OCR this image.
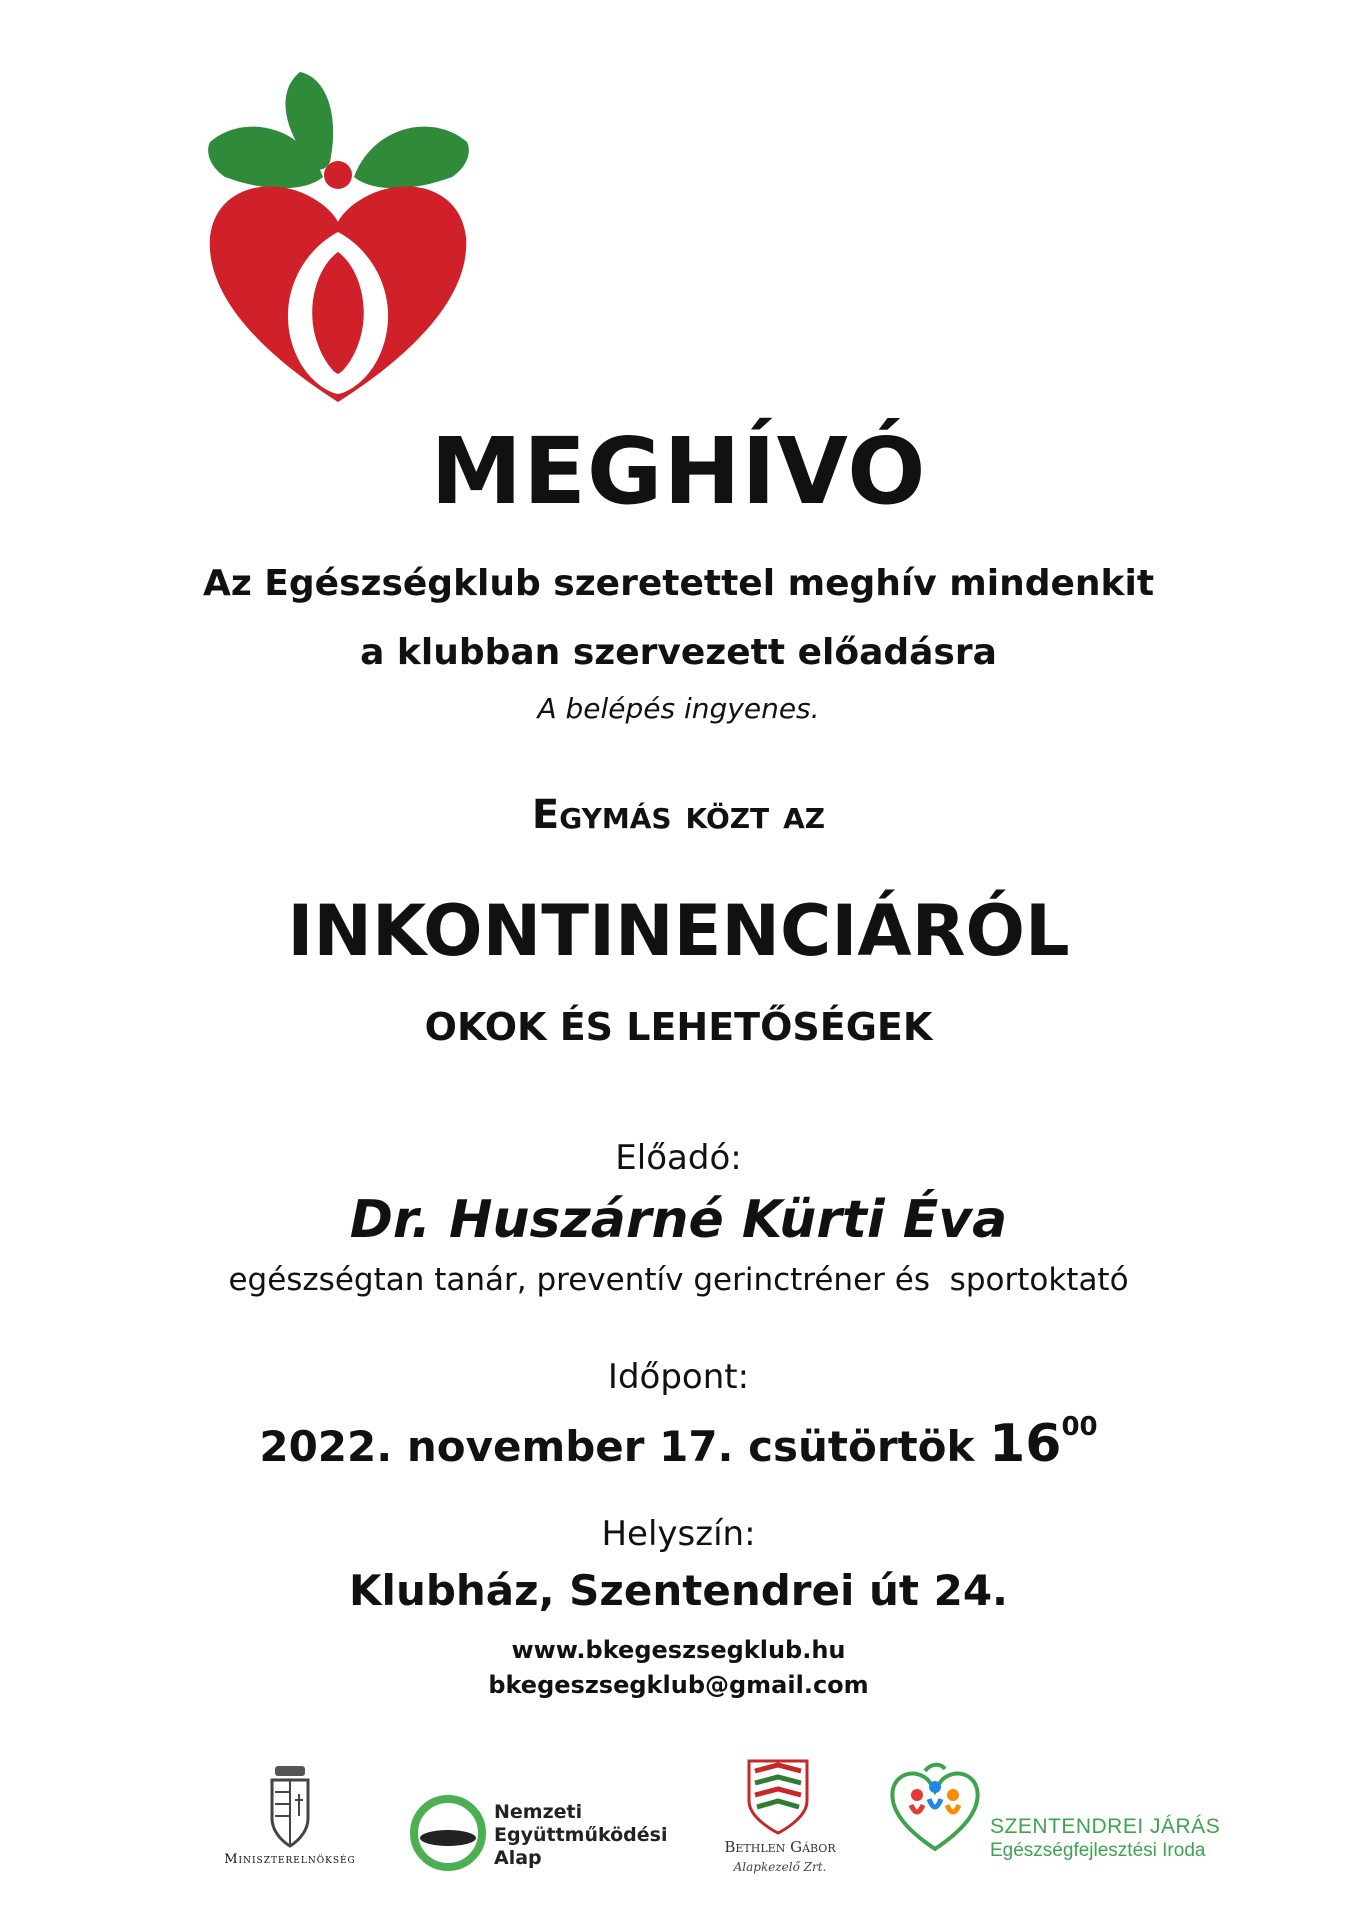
MEGHÍVÓ
Az Egészségklub szeretettel meghív mindenkit
a klubban szervezett előadásra
A belépés ingyenes.
Egymás közt az
INKONTINENCIÁRÓL
OKOK ÉS LEHETŐSÉGEK
Előadó:
Dr. Huszárné Kürti Éva
egészségtan tanár, preventív gerinctréner és  sportoktató
Időpont:
2022. november 17. csütörtök $16^{00}$
Helyszín:
Klubház, Szentendrei út 24.
www.bkegeszsegklub.hu
bkegeszsegklub@gmail.com
Miniszterelnökség
Nemzeti
Együttműködési
Alap	Bethlen Gábor
Alapkezelő Zrt.
SZENTENDREI JÁRÁS
Egészségfejlesztési Iroda
